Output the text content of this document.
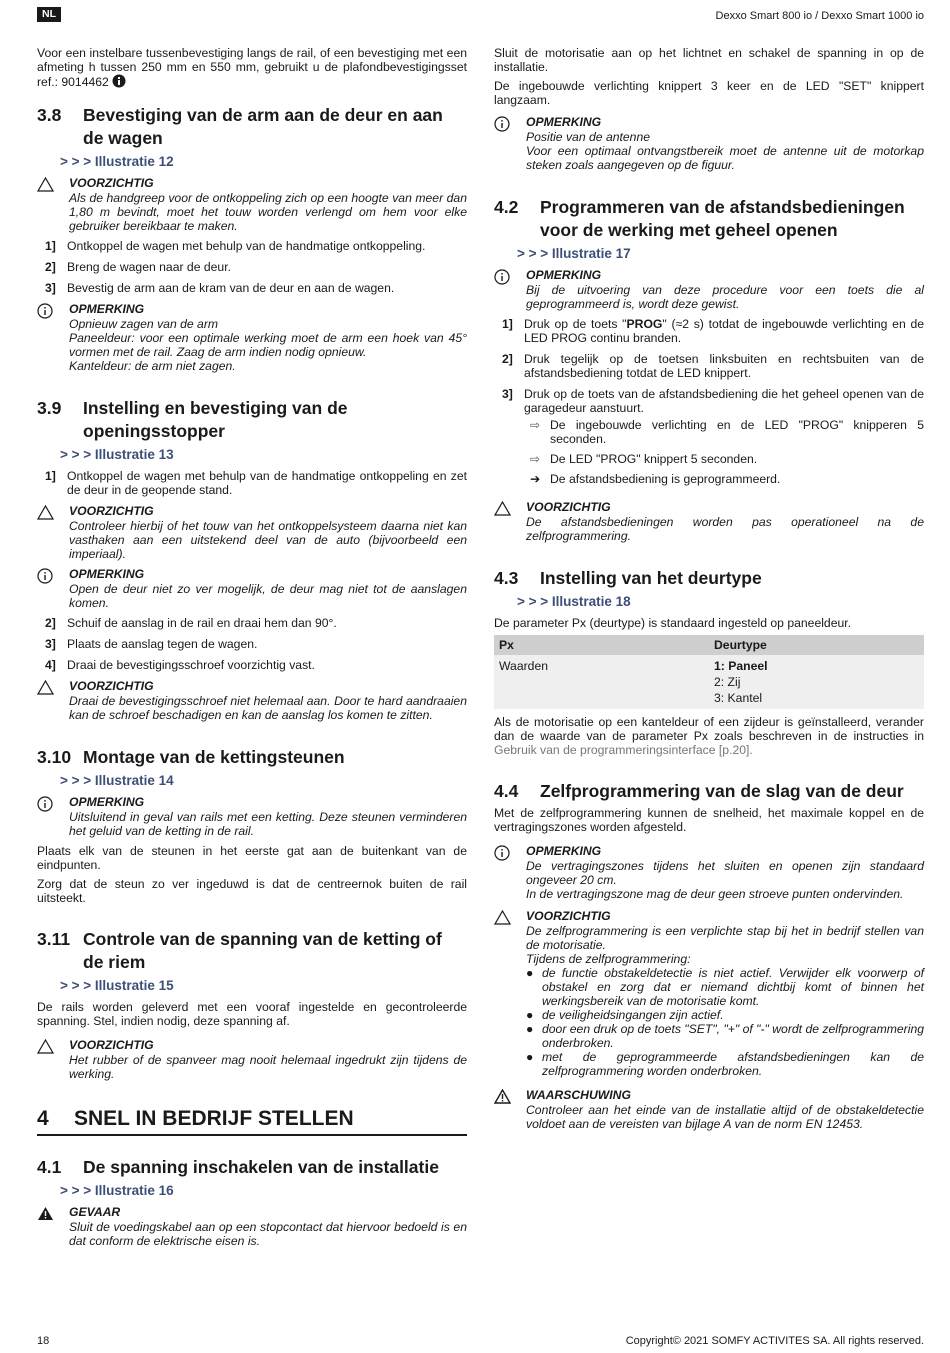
NL	Dexxo Smart 800 io / Dexxo Smart 1000 io

Voor een instelbare tussenbevestiging langs de rail, of een bevestiging met een afmeting h tussen 250 mm en 550 mm, gebruikt u de plafondbevestigingsset ref.: 9014462

3.8	Bevestiging van de arm aan de deur en aan de wagen
> > > Illustratie 12
VOORZICHTIG
Als de handgreep voor de ontkoppeling zich op een hoogte van meer dan 1,80 m bevindt, moet het touw worden verlengd om hem voor elke gebruiker bereikbaar te maken.
1] Ontkoppel de wagen met behulp van de handmatige ontkoppeling.
2] Breng de wagen naar de deur.
3] Bevestig de arm aan de kram van de deur en aan de wagen.
OPMERKING
Opnieuw zagen van de arm
Paneeldeur: voor een optimale werking moet de arm een hoek van 45° vormen met de rail. Zaag de arm indien nodig opnieuw.
Kanteldeur: de arm niet zagen.
3.9	Instelling en bevestiging van de openingsstopper
> > > Illustratie 13
1] Ontkoppel de wagen met behulp van de handmatige ontkoppeling en zet de deur in de geopende stand.
VOORZICHTIG
Controleer hierbij of het touw van het ontkoppelsysteem daarna niet kan vasthaken aan een uitstekend deel van de auto (bijvoorbeeld een imperiaal).
OPMERKING
Open de deur niet zo ver mogelijk, de deur mag niet tot de aanslagen komen.
2] Schuif de aanslag in de rail en draai hem dan 90°.
3] Plaats de aanslag tegen de wagen.
4] Draai de bevestigingsschroef voorzichtig vast.
VOORZICHTIG
Draai de bevestigingsschroef niet helemaal aan. Door te hard aandraaien kan de schroef beschadigen en kan de aanslag los komen te zitten.
3.10 Montage van de kettingsteunen
> > > Illustratie 14
OPMERKING
Uitsluitend in geval van rails met een ketting. Deze steunen verminderen het geluid van de ketting in de rail.

Plaats elk van de steunen in het eerste gat aan de buitenkant van de eindpunten.

Zorg dat de steun zo ver ingeduwd is dat de centreernok buiten de rail uitsteekt.

3.11 Controle van de spanning van de ketting of de riem
> > > Illustratie 15

De rails worden geleverd met een vooraf ingestelde en gecontroleerde spanning. Stel, indien nodig, deze spanning af.

VOORZICHTIG
Het rubber of de spanveer mag nooit helemaal ingedrukt zijn tijdens de werking.
4	SNEL IN BEDRIJF STELLEN
4.1	De spanning inschakelen van de installatie
> > > Illustratie 16
GEVAAR
Sluit de voedingskabel aan op een stopcontact dat hiervoor bedoeld is en dat conform de elektrische eisen is.

Sluit de motorisatie aan op het lichtnet en schakel de spanning in op de installatie.

De ingebouwde verlichting knippert 3 keer en de LED "SET" knippert langzaam.

OPMERKING
Positie van de antenne
Voor een optimaal ontvangstbereik moet de antenne uit de motorkap steken zoals aangegeven op de figuur.
4.2	Programmeren van de afstandsbedieningen voor de werking met geheel openen
> > > Illustratie 17
OPMERKING
Bij de uitvoering van deze procedure voor een toets die al geprogrammeerd is, wordt deze gewist.
1] Druk op de toets "PROG" (≈2 s) totdat de ingebouwde verlichting en de LED PROG continu branden.
2] Druk tegelijk op de toetsen linksbuiten en rechtsbuiten van de afstandsbediening totdat de LED knippert.
3] Druk op de toets van de afstandsbediening die het geheel openen van de garagedeur aanstuurt.
⇨ De ingebouwde verlichting en de LED "PROG" knipperen 5 seconden.
⇨ De LED "PROG" knippert 5 seconden.
➔ De afstandsbediening is geprogrammeerd.
VOORZICHTIG
De afstandsbedieningen worden pas operationeel na de zelfprogrammering.
4.3	Instelling van het deurtype
> > > Illustratie 18

De parameter Px (deurtype) is standaard ingesteld op paneeldeur.

Px	Deurtype
Waarden	1: Paneel
2: Zij
3: Kantel

Als de motorisatie op een kanteldeur of een zijdeur is geïnstalleerd, verander dan de waarde van de parameter Px zoals beschreven in de instructies in Gebruik van de programmeringsinterface [p.20].

4.4	Zelfprogrammering van de slag van de deur

Met de zelfprogrammering kunnen de snelheid, het maximale koppel en de vertragingszones worden afgesteld.

OPMERKING
De vertragingszones tijdens het sluiten en openen zijn standaard ongeveer 20 cm.
In de vertragingszone mag de deur geen stroeve punten ondervinden.
VOORZICHTIG
De zelfprogrammering is een verplichte stap bij het in bedrijf stellen van de motorisatie.
Tijdens de zelfprogrammering:
● de functie obstakeldetectie is niet actief. Verwijder elk voorwerp of obstakel en zorg dat er niemand dichtbij komt of binnen het werkingsbereik van de motorisatie komt.
● de veiligheidsingangen zijn actief.
● door een druk op de toets "SET", "+" of "-" wordt de zelfprogrammering onderbroken.
● met de geprogrammeerde afstandsbedieningen kan de zelfprogrammering worden onderbroken.
WAARSCHUWING
Controleer aan het einde van de installatie altijd of de obstakeldetectie voldoet aan de vereisten van bijlage A van de norm EN 12453.
18	Copyright© 2021 SOMFY ACTIVITES SA. All rights reserved.
